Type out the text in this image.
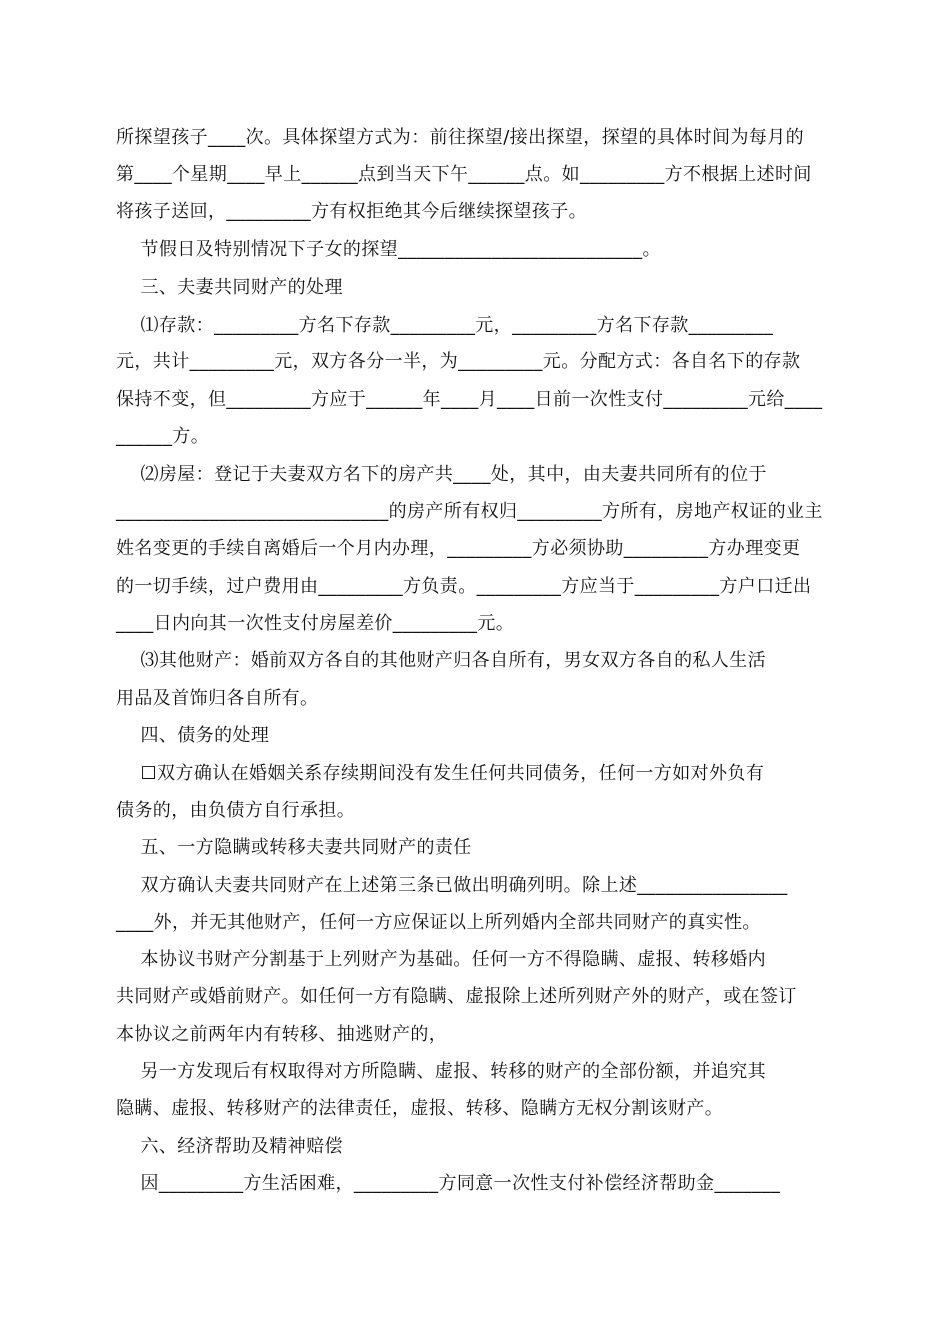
所探望孩子____次。具体探望方式为：前往探望/接出探望，探望的具体时间为每月的
第____个星期____早上______点到当天下午______点。如_________方不根据上述时间
将孩子送回，_________方有权拒绝其今后继续探望孩子。
节假日及特别情况下子女的探望__________________________。
三、夫妻共同财产的处理
⑴存款：_________方名下存款_________元，_________方名下存款_________
元，共计_________元，双方各分一半，为_________元。分配方式：各自名下的存款
保持不变，但_________方应于______年____月____日前一次性支付_________元给____
______方。
⑵房屋：登记于夫妻双方名下的房产共____处，其中，由夫妻共同所有的位于
_____________________________的房产所有权归_________方所有，房地产权证的业主
姓名变更的手续自离婚后一个月内办理，_________方必须协助_________方办理变更
的一切手续，过户费用由_________方负责。_________方应当于_________方户口迁出
____日内向其一次性支付房屋差价_________元。
⑶其他财产：婚前双方各自的其他财产归各自所有，男女双方各自的私人生活
用品及首饰归各自所有。
四、债务的处理
☐双方确认在婚姻关系存续期间没有发生任何共同债务，任何一方如对外负有
债务的，由负债方自行承担。
五、一方隐瞒或转移夫妻共同财产的责任
双方确认夫妻共同财产在上述第三条已做出明确列明。除上述________________
____外，并无其他财产，任何一方应保证以上所列婚内全部共同财产的真实性。
本协议书财产分割基于上列财产为基础。任何一方不得隐瞒、虚报、转移婚内
共同财产或婚前财产。如任何一方有隐瞒、虚报除上述所列财产外的财产，或在签订
本协议之前两年内有转移、抽逃财产的，
另一方发现后有权取得对方所隐瞒、虚报、转移的财产的全部份额，并追究其
隐瞒、虚报、转移财产的法律责任，虚报、转移、隐瞒方无权分割该财产。
六、经济帮助及精神赔偿
因_________方生活困难，_________方同意一次性支付补偿经济帮助金_______
